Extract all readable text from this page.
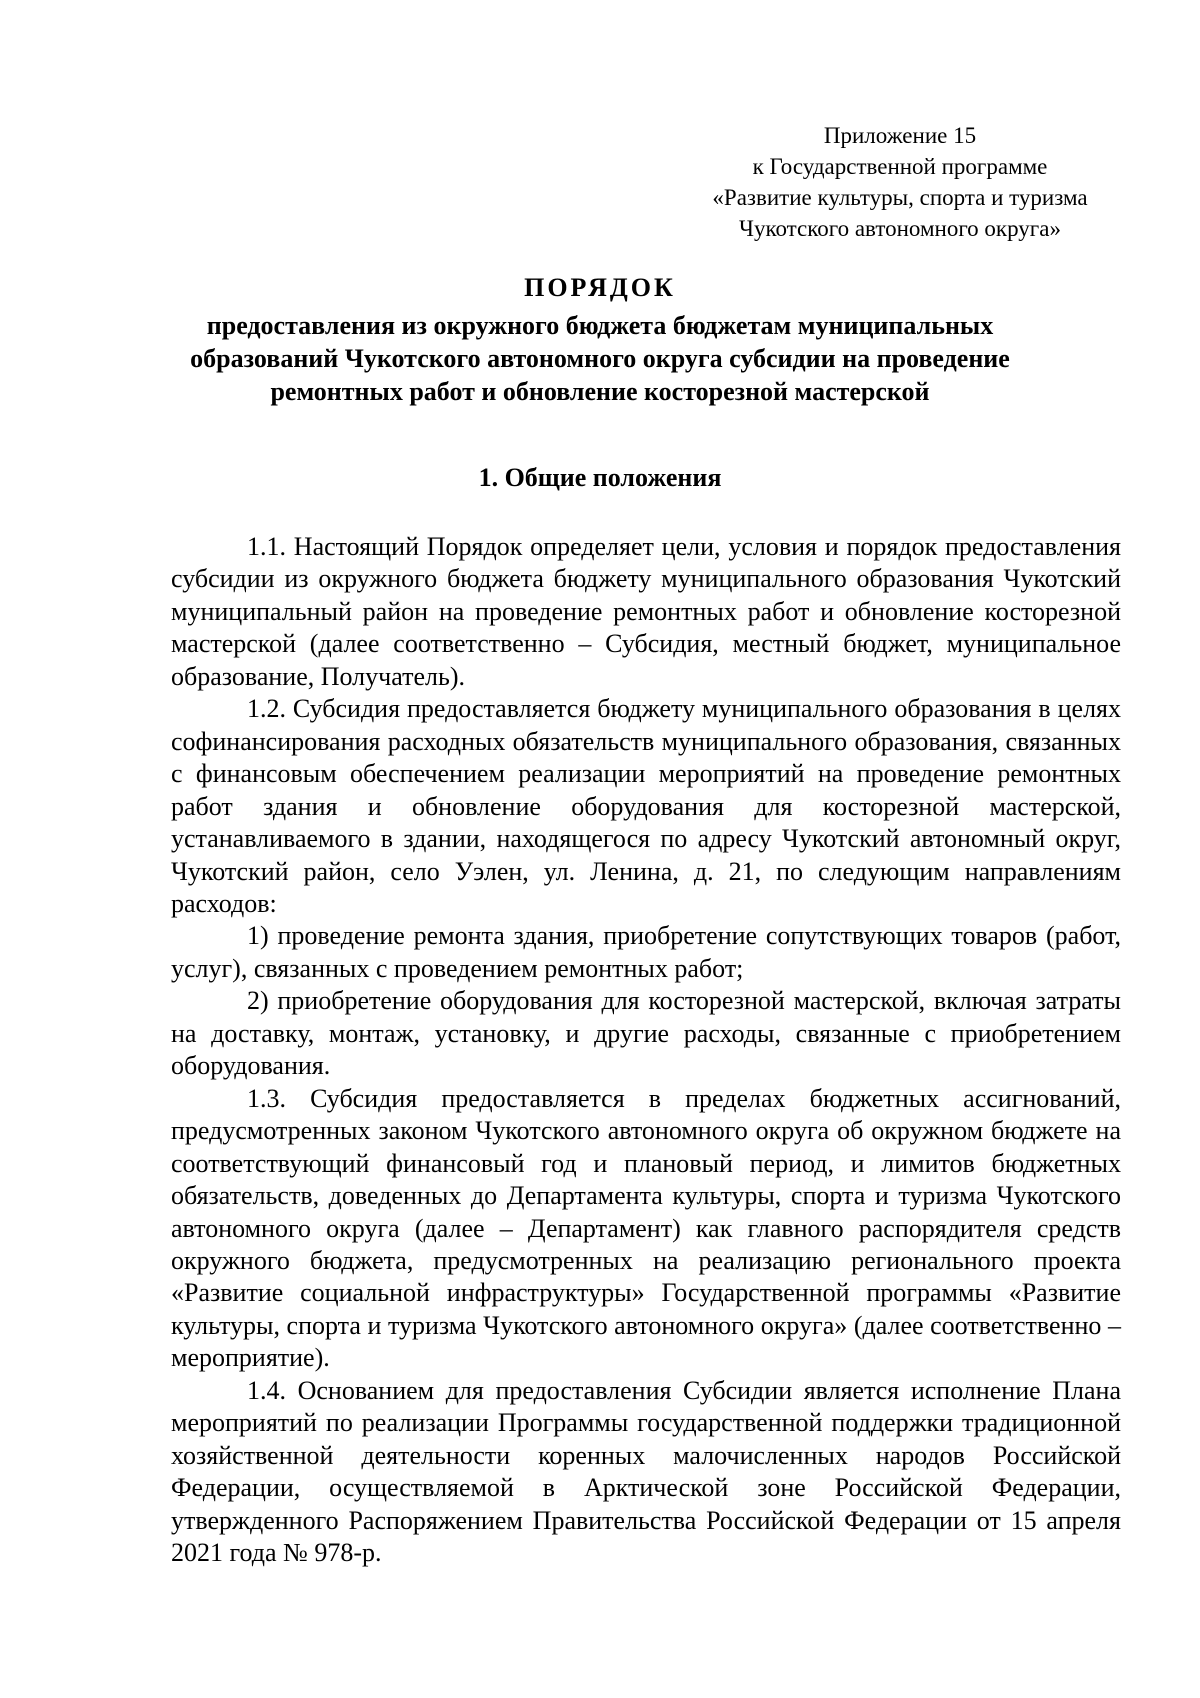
Приложение 15
к Государственной программе
«Развитие культуры, спорта и туризма
Чукотского автономного округа»
ПОРЯДОК
предоставления из окружного бюджета бюджетам муниципальных
образований Чукотского автономного округа субсидии на проведение
ремонтных работ и обновление косторезной мастерской
1. Общие положения

1.1. Настоящий Порядок определяет цели, условия и порядок предоставления субсидии из окружного бюджета бюджету муниципального образования Чукотский муниципальный район на проведение ремонтных работ и обновление косторезной мастерской (далее соответственно – Субсидия, местный бюджет, муниципальное образование, Получатель).

1.2. Субсидия предоставляется бюджету муниципального образования в целях софинансирования расходных обязательств муниципального образования, связанных с финансовым обеспечением реализации мероприятий на проведение ремонтных работ здания и обновление оборудования для косторезной мастерской, устанавливаемого в здании, находящегося по адресу Чукотский автономный округ, Чукотский район, село Уэлен, ул. Ленина, д. 21, по следующим направлениям расходов:

1) проведение ремонта здания, приобретение сопутствующих товаров (работ, услуг), связанных с проведением ремонтных работ;

2) приобретение оборудования для косторезной мастерской, включая затраты на доставку, монтаж, установку, и другие расходы, связанные с приобретением оборудования.

1.3. Субсидия предоставляется в пределах бюджетных ассигнований, предусмотренных законом Чукотского автономного округа об окружном бюджете на соответствующий финансовый год и плановый период, и лимитов бюджетных обязательств, доведенных до Департамента культуры, спорта и туризма Чукотского автономного округа (далее – Департамент) как главного распорядителя средств окружного бюджета, предусмотренных на реализацию регионального проекта «Развитие социальной инфраструктуры» Государственной программы «Развитие культуры, спорта и туризма Чукотского автономного округа» (далее соответственно – мероприятие).

1.4. Основанием для предоставления Субсидии является исполнение Плана мероприятий по реализации Программы государственной поддержки традиционной хозяйственной деятельности коренных малочисленных народов Российской Федерации, осуществляемой в Арктической зоне Российской Федерации, утвержденного Распоряжением Правительства Российской Федерации от 15 апреля 2021 года № 978-р.
